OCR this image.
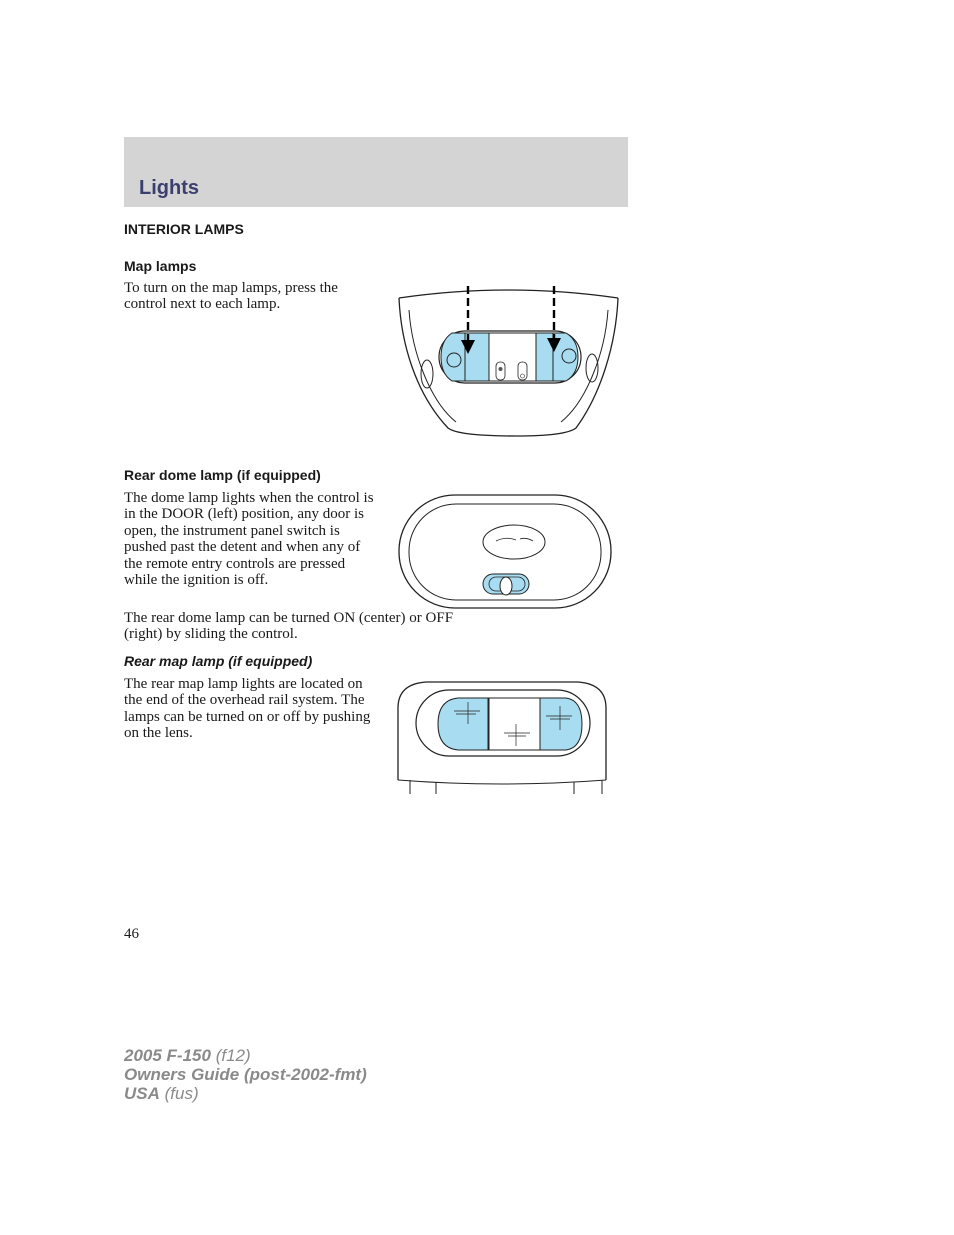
Lights
INTERIOR LAMPS
Map lamps

To turn on the map lamps, press the control next to each lamp.

Rear dome lamp (if equipped)

The dome lamp lights when the control is in the DOOR (left) position, any door is open, the instrument panel switch is pushed past the detent and when any of the remote entry controls are pressed while the ignition is off.

The rear dome lamp can be turned ON (center) or OFF (right) by sliding the control.

Rear map lamp (if equipped)

The rear map lamp lights are located on the end of the overhead rail system. The lamps can be turned on or off by pushing on the lens.

46

2005 F-150 (f12)
Owners Guide (post-2002-fmt)
USA (fus)
